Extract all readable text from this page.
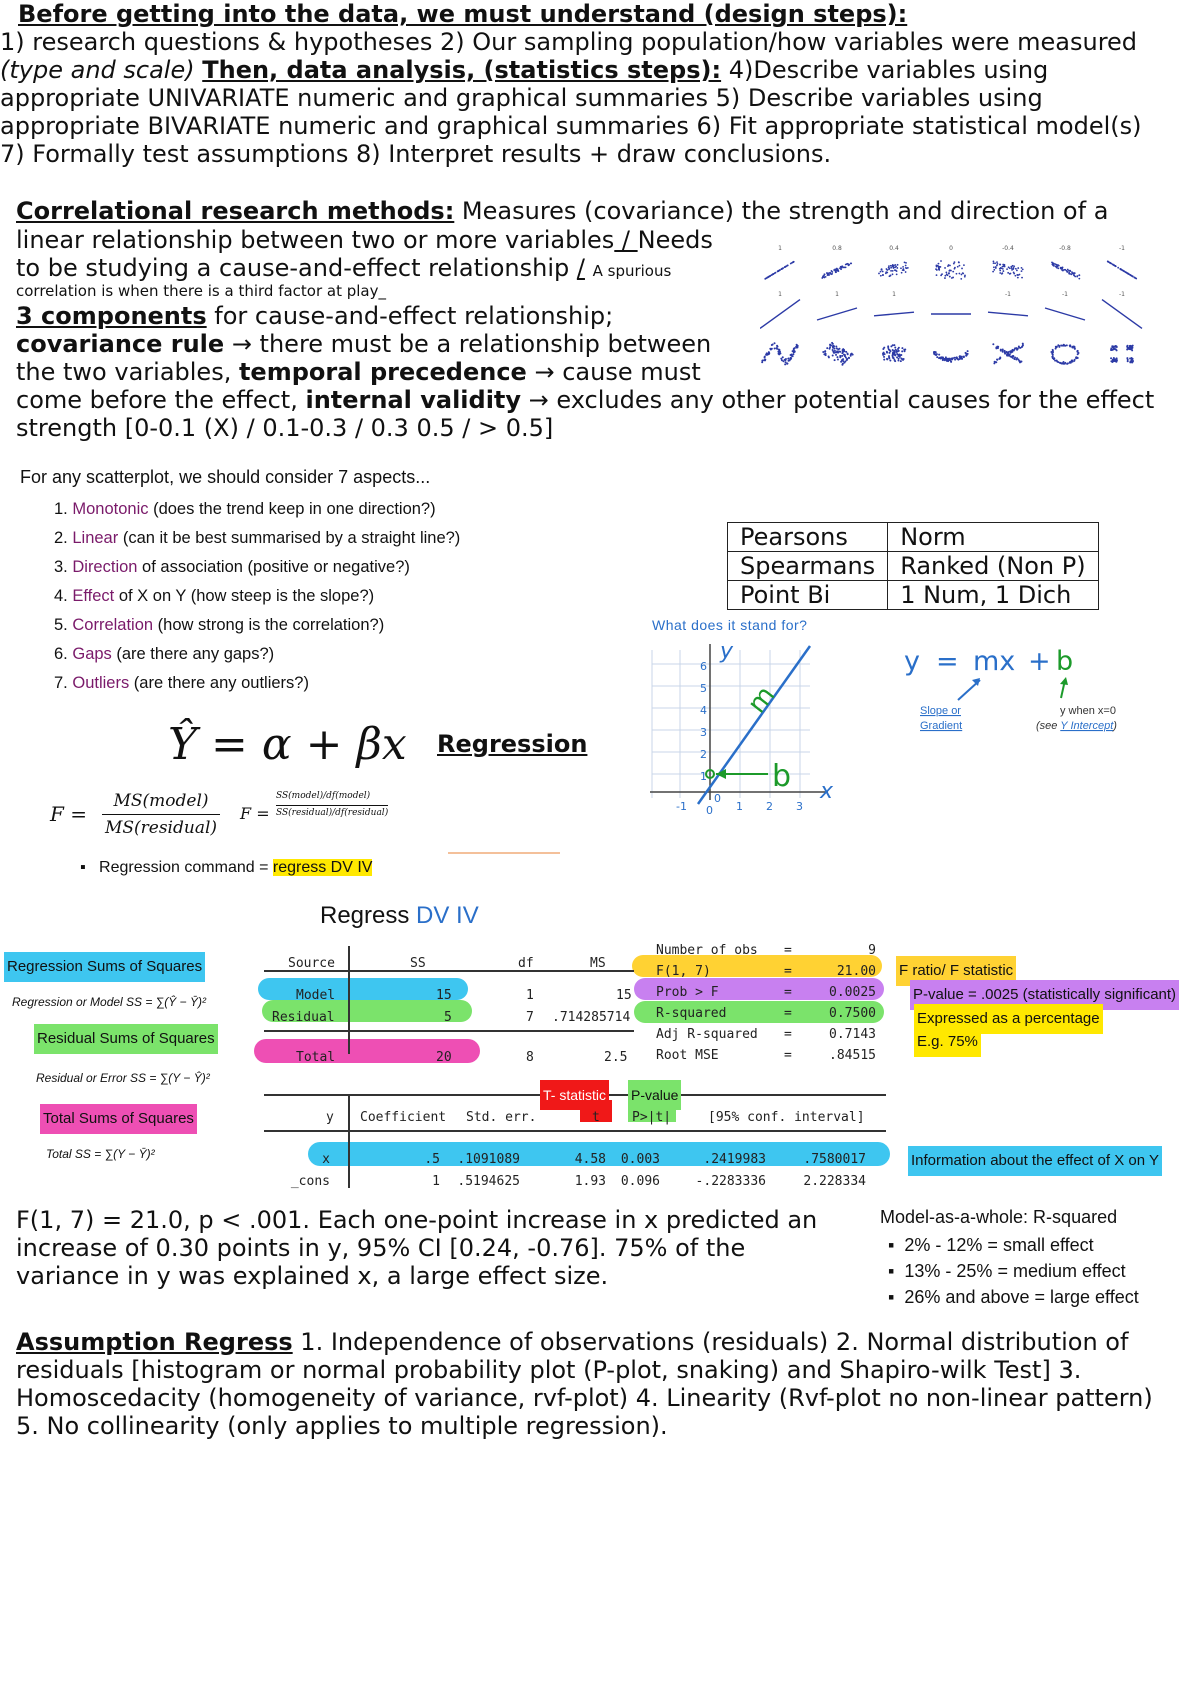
Before getting into the data, we must understand (design steps):
1) research questions & hypotheses 2) Our sampling population/how variables were measured
(type and scale) Then, data analysis, (statistics steps): 4)Describe variables using
appropriate UNIVARIATE numeric and graphical summaries 5) Describe variables using
appropriate BIVARIATE numeric and graphical summaries 6) Fit appropriate statistical model(s)
7) Formally test assumptions 8) Interpret results + draw conclusions.
Correlational research methods: Measures (covariance) the strength and direction of a
linear relationship between two or more variables / Needs
to be studying a cause-and-effect relationship / A spurious
correlation is when there is a third factor at play_
3 components for cause-and-effect relationship;
covariance rule → there must be a relationship between
the two variables, temporal precedence → cause must
come before the effect, internal validity → excludes any other potential causes for the effect
strength [0-0.1 (X) / 0.1-0.3 / 0.3 0.5 / > 0.5]
1	0.8	0.4	0	-0.4	-0.8	-1
1	1	1	-1	-1	-1
For any scatterplot, we should consider 7 aspects...
1. Monotonic (does the trend keep in one direction?)
2. Linear (can it be best summarised by a straight line?)
3. Direction of association (positive or negative?)
4. Effect of X on Y (how steep is the slope?)
5. Correlation (how strong is the correlation?)
6. Gaps (are there any gaps?)
7. Outliers (are there any outliers?)
Pearsons	Norm
Spearmans	Ranked (Non P)
Point Bi	1 Num, 1 Dich
What does it stand for?
6
5
4
3
2
1
0
-1 0 1 2 3
y
x
m
b
y = mx + b
Slope or
Gradient
y when x=0
(see Y Intercept)
Ŷ = α + βx Regression
F =
MS(model)
MS(residual)
F =
SS(model)/df(model)
SS(residual)/df(residual)
▪   Regression command = regress DV IV
Regress DV IV
Regression Sums of Squares
Regression or Model SS = ∑(Ŷ − Ȳ)²
Residual Sums of Squares
Residual or Error SS = ∑(Y − Ŷ)²
Total Sums of Squares
Total SS = ∑(Y − Ȳ)²
Source	SS	df	MS
Model	15	1	15
Residual	5	7 .714285714
Total	20	8	2.5
Number of obs =	9
F(1, 7)	=	21.00
Prob > F	=	0.0025
R-squared	=	0.7500
Adj R-squared =	0.7143
Root MSE	=	.84515
F ratio/ F statistic
P-value = .0025 (statistically significant)
Expressed as a percentage
E.g. 75%
T- statistic P-value
y Coefficient Std. err.	t P>|t|	[95% conf. interval]
x	.5 .1091089	4.58 0.003	.2419983	.7580017
_cons	1 .5194625	1.93 0.096	-.2283336	2.228334
Information about the effect of X on Y
F(1, 7) = 21.0, p < .001. Each one-point increase in x predicted an
increase of 0.30 points in y, 95% CI [0.24, -0.76]. 75% of the
variance in y was explained x, a large effect size.
Model-as-a-whole: R-squared
▪  2% - 12% = small effect
▪  13% - 25% = medium effect
▪  26% and above = large effect
Assumption Regress 1. Independence of observations (residuals) 2. Normal distribution of
residuals [histogram or normal probability plot (P-plot, snaking) and Shapiro-wilk Test] 3.
Homoscedacity (homogeneity of variance, rvf-plot) 4. Linearity (Rvf-plot no non-linear pattern)
5. No collinearity (only applies to multiple regression).
